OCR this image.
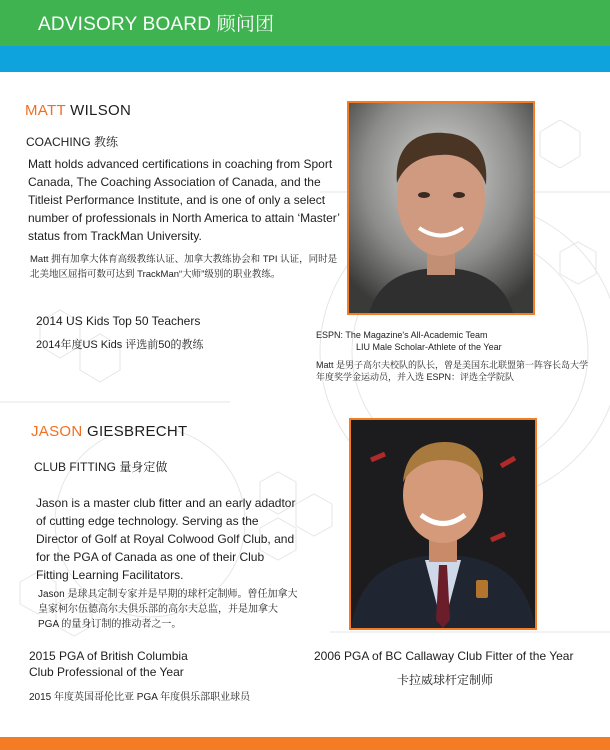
ADVISORY BOARD 顾问团
MATT WILSON
COACHING 教练
Matt holds advanced certifications in coaching from Sport Canada, The Coaching Association of Canada, and the Titleist Performance Institute, and is one of only a select number of professionals in North America to attain ‘Master’ status from TrackMan University.
Matt 拥有加拿大体育高级教练认证、加拿大教练协会和 TPI 认证，同时是北美地区屈指可数可达到 TrackMan“大师”级别的职业教练。
2014 US Kids Top 50 Teachers
2014年度US Kids 评选前50的教练
ESPN: The Magazine's All-Academic Team
LIU Male Scholar-Athlete of the Year
Matt 是男子高尔夫校队的队长，曾是美国东北联盟第一阵容长岛大学年度奖学金运动员，并入选 ESPN：评选全学院队
JASON GIESBRECHT
CLUB FITTING 量身定做
Jason is a master club fitter and an early adadtor of cutting edge technology. Serving as the Director of Golf at Royal Colwood Golf Club, and for the PGA of Canada as one of their Club Fitting Learning Facilitators.
Jason 是球具定制专家并是早期的球杆定制师。曾任加拿大皇家柯尔伍德高尔夫俱乐部的高尔夫总监，并是加拿大 PGA 的量身订制的推动者之一。
2015 PGA of British Columbia
Club Professional of the Year
2015 年度英国哥伦比亚 PGA 年度俱乐部职业球员
2006 PGA of BC Callaway Club Fitter of the Year
卡拉威球杆定制师
